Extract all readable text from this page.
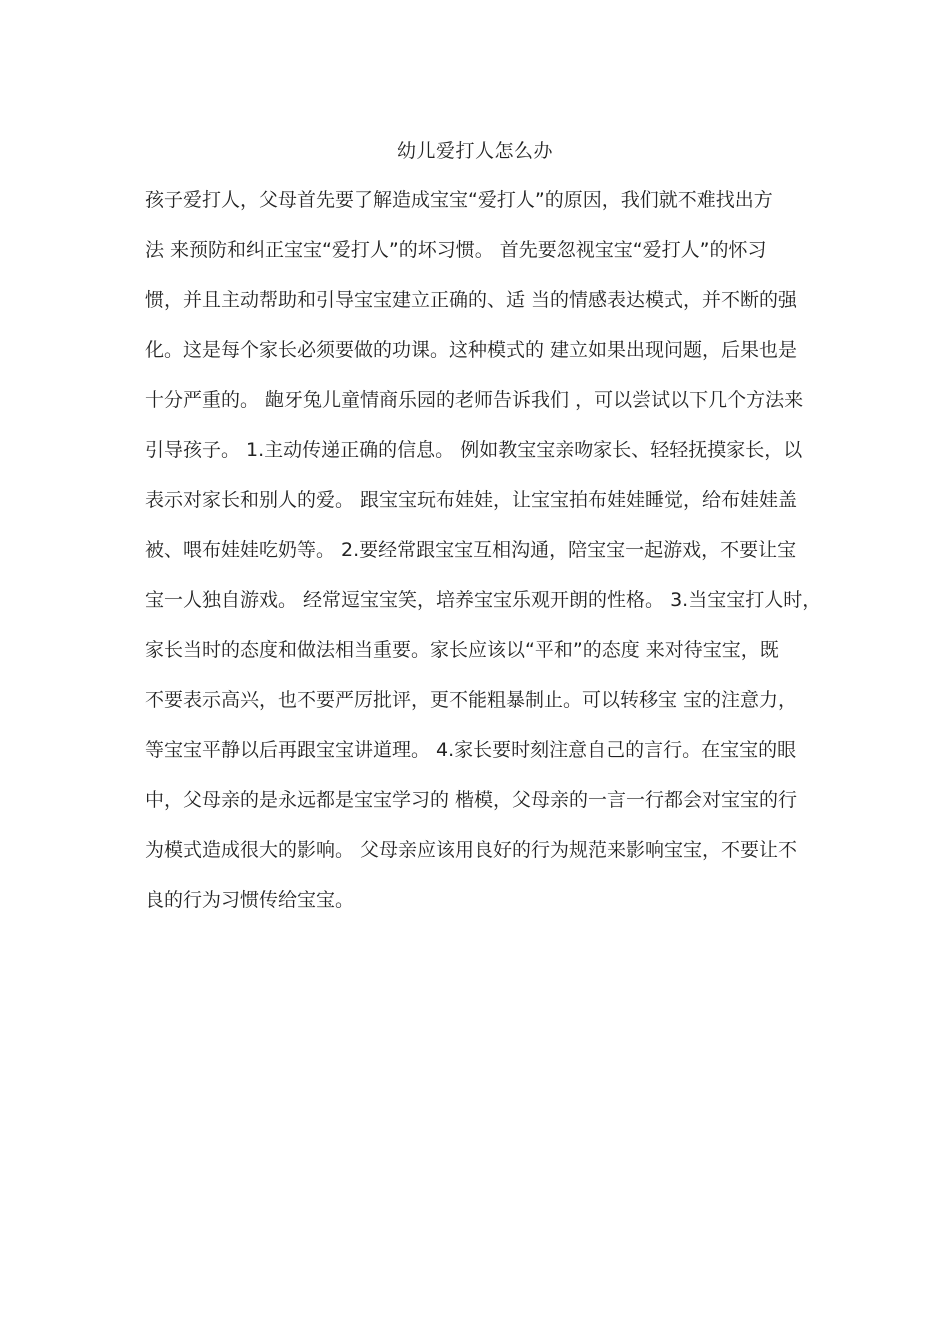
幼儿爱打人怎么办
孩子爱打人，父母首先要了解造成宝宝“爱打人”的原因，我们就不难找出方
法 来预防和纠正宝宝“爱打人”的坏习惯。 首先要忽视宝宝“爱打人”的怀习
惯，并且主动帮助和引导宝宝建立正确的、适 当的情感表达模式，并不断的强
化。这是每个家长必须要做的功课。这种模式的 建立如果出现问题，后果也是
十分严重的。 龅牙兔儿童情商乐园的老师告诉我们 ，可以尝试以下几个方法来
引导孩子。 1.主动传递正确的信息。 例如教宝宝亲吻家长、轻轻抚摸家长，以
表示对家长和别人的爱。 跟宝宝玩布娃娃，让宝宝拍布娃娃睡觉，给布娃娃盖
被、喂布娃娃吃奶等。 2.要经常跟宝宝互相沟通，陪宝宝一起游戏，不要让宝
宝一人独自游戏。 经常逗宝宝笑，培养宝宝乐观开朗的性格。 3.当宝宝打人时，
家长当时的态度和做法相当重要。家长应该以“平和”的态度 来对待宝宝，既
不要表示高兴，也不要严厉批评，更不能粗暴制止。可以转移宝 宝的注意力，
等宝宝平静以后再跟宝宝讲道理。 4.家长要时刻注意自己的言行。在宝宝的眼
中，父母亲的是永远都是宝宝学习的 楷模，父母亲的一言一行都会对宝宝的行
为模式造成很大的影响。 父母亲应该用良好的行为规范来影响宝宝，不要让不
良的行为习惯传给宝宝。
